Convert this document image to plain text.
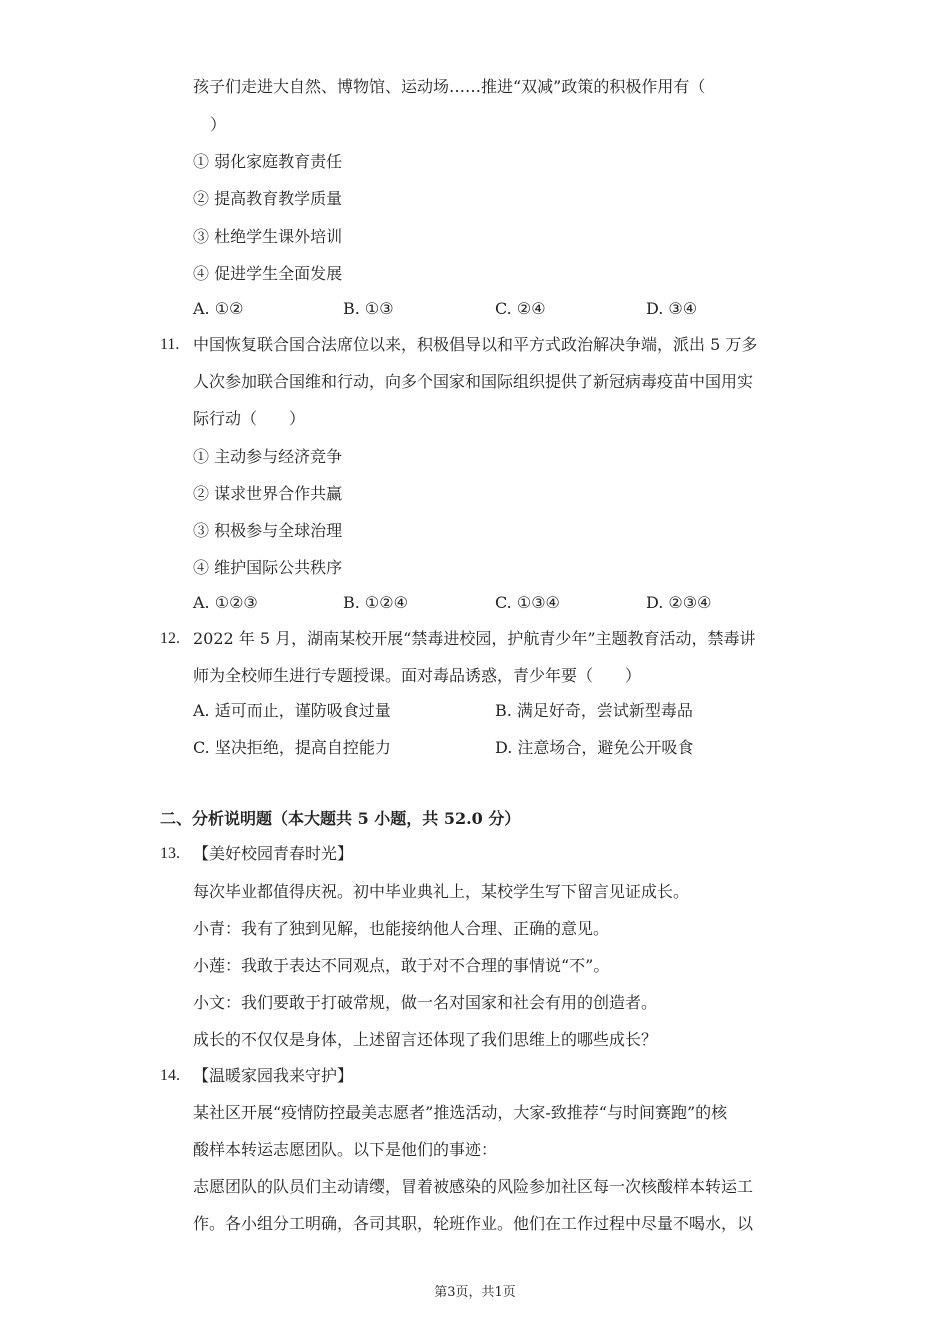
孩子们走进大自然、博物馆、运动场……推进“双减”政策的积极作用有（
）
① 弱化家庭教育责任
② 提高教育教学质量
③ 杜绝学生课外培训
④ 促进学生全面发展
A. ①②	B. ①③	C. ②④	D. ③④
11. 中国恢复联合国合法席位以来，积极倡导以和平方式政治解决争端，派出 5 万多
人次参加联合国维和行动，向多个国家和国际组织提供了新冠病毒疫苗中国用实
际行动（　　）
① 主动参与经济竞争
② 谋求世界合作共赢
③ 积极参与全球治理
④ 维护国际公共秩序
A. ①②③	B. ①②④	C. ①③④	D. ②③④
12. 2022 年 5 月，湖南某校开展“禁毒进校园，护航青少年”主题教育活动，禁毒讲
师为全校师生进行专题授课。面对毒品诱惑，青少年要（　　）
A. 适可而止，谨防吸食过量	B. 满足好奇，尝试新型毒品
C. 坚决拒绝，提高自控能力	D. 注意场合，避免公开吸食
二、分析说明题（本大题共 5 小题，共 52.0 分）
13. 【美好校园青春时光】
每次毕业都值得庆祝。初中毕业典礼上，某校学生写下留言见证成长。
小青：我有了独到见解，也能接纳他人合理、正确的意见。
小莲：我敢于表达不同观点，敢于对不合理的事情说“不”。
小文：我们要敢于打破常规，做一名对国家和社会有用的创造者。
成长的不仅仅是身体，上述留言还体现了我们思维上的哪些成长？
14. 【温暖家园我来守护】
某社区开展“疫情防控最美志愿者”推选活动，大家-致推荐“与时间赛跑”的核
酸样本转运志愿团队。以下是他们的事迹：
志愿团队的队员们主动请缨，冒着被感染的风险参加社区每一次核酸样本转运工
作。各小组分工明确，各司其职，轮班作业。他们在工作过程中尽量不喝水，以
第3页，共1页
